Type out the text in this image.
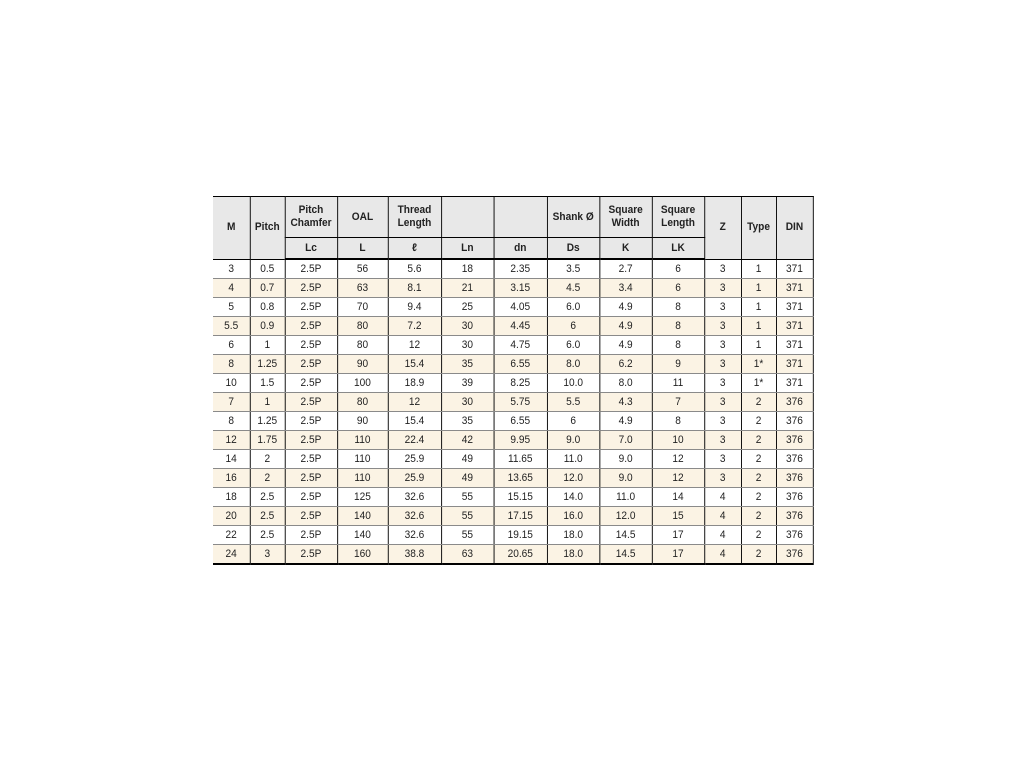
M	Pitch	Pitch Chamfer	OAL	Thread Length			Shank Ø	Square Width	Square Length	Z	Type	DIN
		Lc	L	ℓ	Ln	dn	Ds	K	LK			
3	0.5	2.5P	56	5.6	18	2.35	3.5	2.7	6	3	1	371
4	0.7	2.5P	63	8.1	21	3.15	4.5	3.4	6	3	1	371
5	0.8	2.5P	70	9.4	25	4.05	6.0	4.9	8	3	1	371
5.5	0.9	2.5P	80	7.2	30	4.45	6	4.9	8	3	1	371
6	1	2.5P	80	12	30	4.75	6.0	4.9	8	3	1	371
8	1.25	2.5P	90	15.4	35	6.55	8.0	6.2	9	3	1*	371
10	1.5	2.5P	100	18.9	39	8.25	10.0	8.0	11	3	1*	371
7	1	2.5P	80	12	30	5.75	5.5	4.3	7	3	2	376
8	1.25	2.5P	90	15.4	35	6.55	6	4.9	8	3	2	376
12	1.75	2.5P	110	22.4	42	9.95	9.0	7.0	10	3	2	376
14	2	2.5P	110	25.9	49	11.65	11.0	9.0	12	3	2	376
16	2	2.5P	110	25.9	49	13.65	12.0	9.0	12	3	2	376
18	2.5	2.5P	125	32.6	55	15.15	14.0	11.0	14	4	2	376
20	2.5	2.5P	140	32.6	55	17.15	16.0	12.0	15	4	2	376
22	2.5	2.5P	140	32.6	55	19.15	18.0	14.5	17	4	2	376
24	3	2.5P	160	38.8	63	20.65	18.0	14.5	17	4	2	376
